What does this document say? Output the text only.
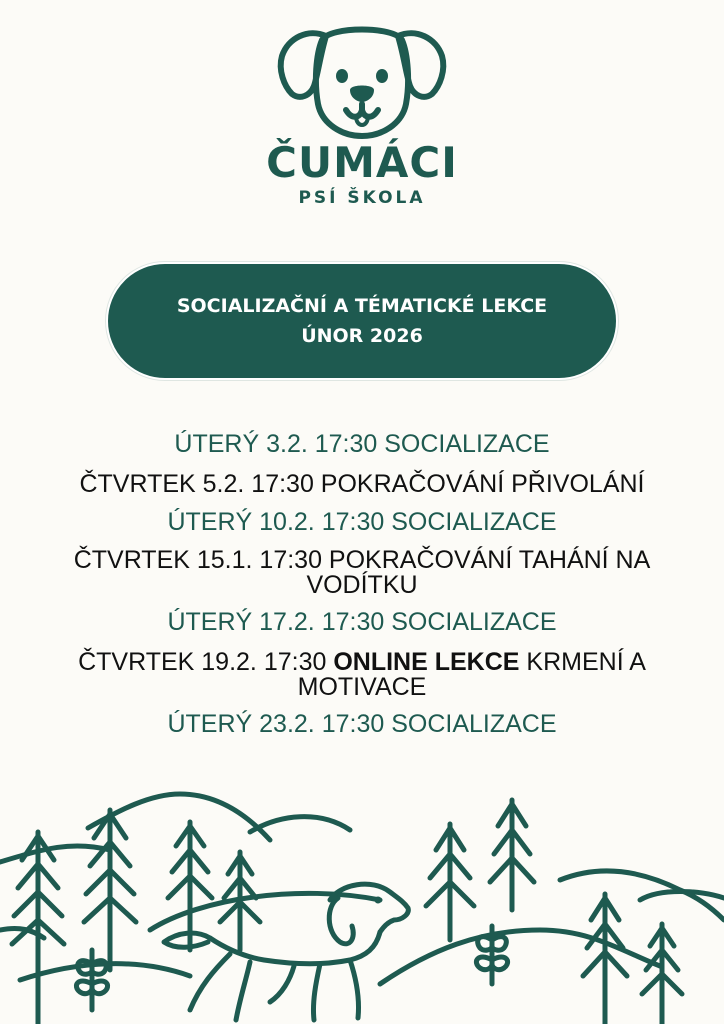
ČUMÁCI
PSÍ ŠKOLA
SOCIALIZAČNÍ A TÉMATICKÉ LEKCE
ÚNOR 2026
ÚTERÝ 3.2. 17:30 SOCIALIZACE
ČTVRTEK 5.2. 17:30 POKRAČOVÁNÍ PŘIVOLÁNÍ
ÚTERÝ 10.2. 17:30 SOCIALIZACE
ČTVRTEK 15.1. 17:30 POKRAČOVÁNÍ TAHÁNÍ NA
VODÍTKU
ÚTERÝ 17.2. 17:30 SOCIALIZACE
ČTVRTEK 19.2. 17:30 ONLINE LEKCE KRMENÍ A
MOTIVACE
ÚTERÝ 23.2. 17:30 SOCIALIZACE
